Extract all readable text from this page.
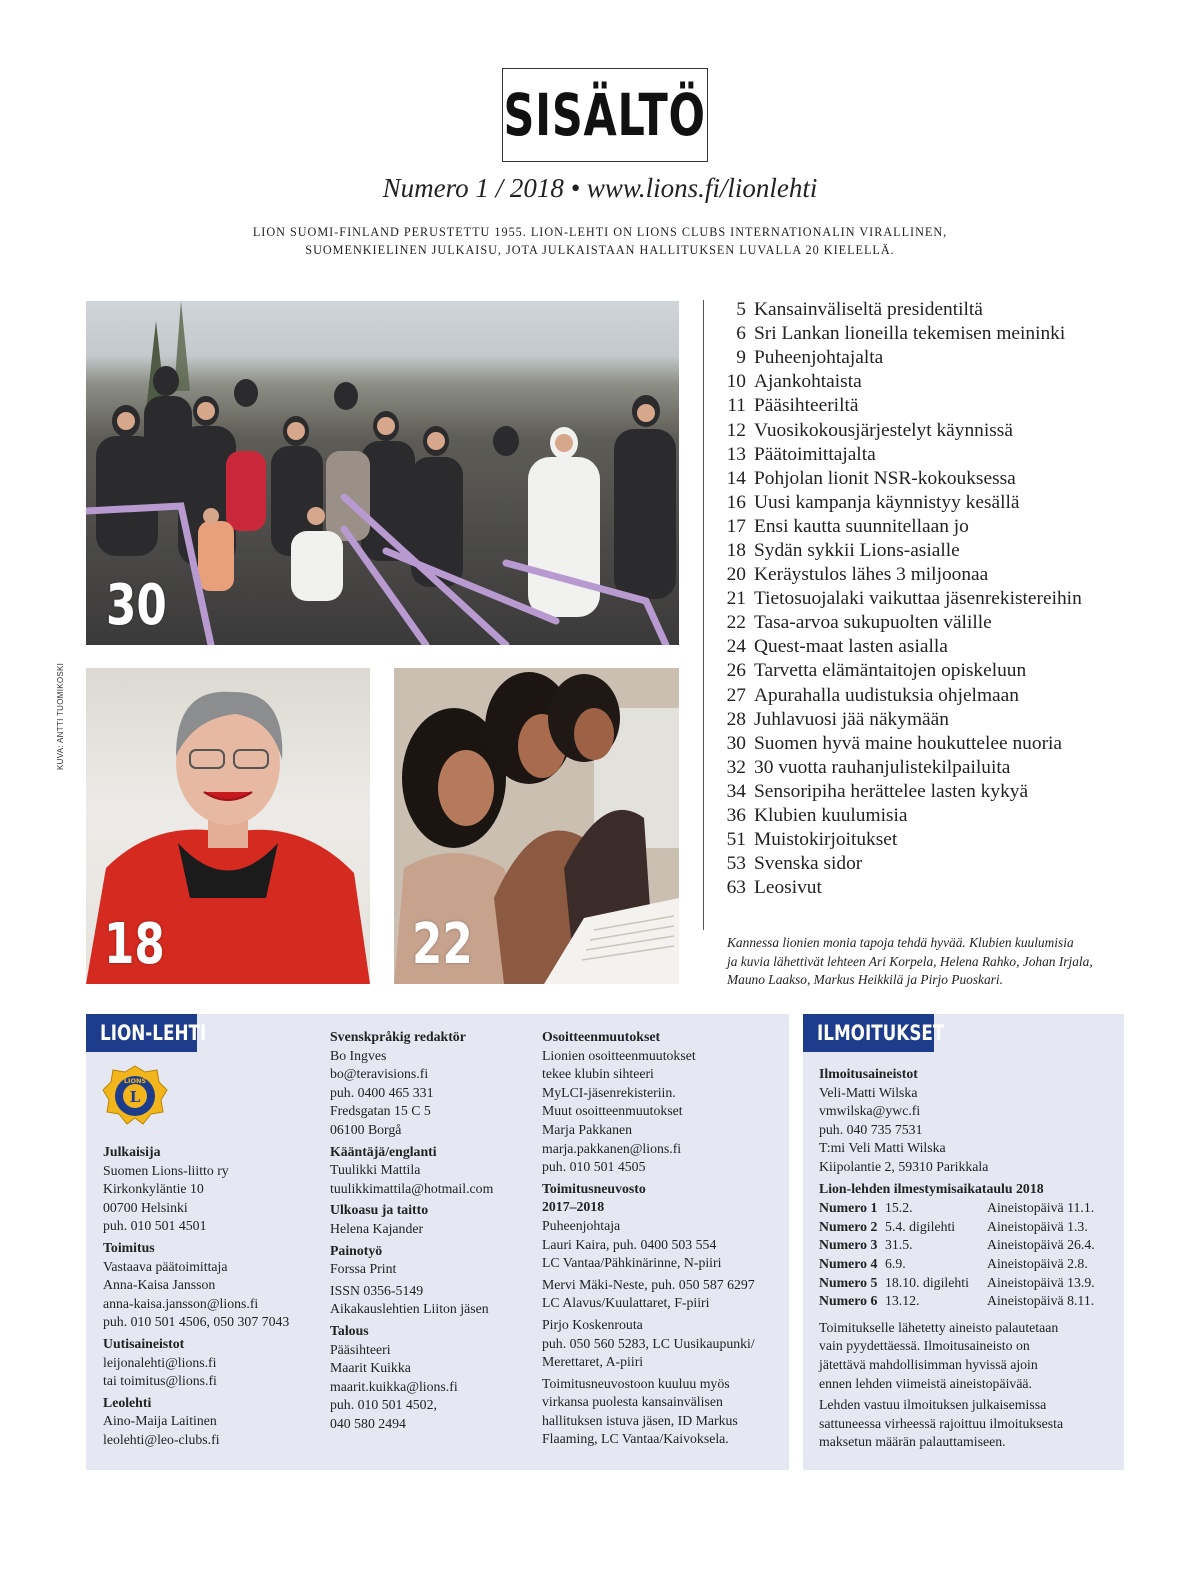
SISÄLTÖ
Numero 1 / 2018 • www.lions.fi/lionlehti
LION SUOMI-FINLAND PERUSTETTU 1955. LION-LEHTI ON LIONS CLUBS INTERNATIONALIN VIRALLINEN,
SUOMENKIELINEN JULKAISU, JOTA JULKAISTAAN HALLITUKSEN LUVALLA 20 KIELELLÄ.
30
18	22
KUVA: ANTTI TUOMIKOSKI
5 Kansainväliseltä presidentiltä
6 Sri Lankan lioneilla tekemisen meininki
9 Puheenjohtajalta
10 Ajankohtaista
11 Pääsihteeriltä
12 Vuosikokousjärjestelyt käynnissä
13 Päätoimittajalta
14 Pohjolan lionit NSR-kokouksessa
16 Uusi kampanja käynnistyy kesällä
17 Ensi kautta suunnitellaan jo
18 Sydän sykkii Lions-asialle
20 Keräystulos lähes 3 miljoonaa
21 Tietosuojalaki vaikuttaa jäsenrekistereihin
22 Tasa-arvoa sukupuolten välille
24 Quest-maat lasten asialla
26 Tarvetta elämäntaitojen opiskeluun
27 Apurahalla uudistuksia ohjelmaan
28 Juhlavuosi jää näkymään
30 Suomen hyvä maine houkuttelee nuoria
32 30 vuotta rauhanjulistekilpailuita
34 Sensoripiha herättelee lasten kykyä
36 Klubien kuulumisia
51 Muistokirjoitukset
53 Svenska sidor
63 Leosivut
Kannessa lionien monia tapoja tehdä hyvää. Klubien kuulumisia
ja kuvia lähettivät lehteen Ari Korpela, Helena Rahko, Johan Irjala,
Mauno Laakso, Markus Heikkilä ja Pirjo Puoskari.
LION-LEHTI
L
LIONS

Julkaisija

Suomen Lions-liitto ry

Kirkonkyläntie 10

00700 Helsinki

puh. 010 501 4501

Toimitus

Vastaava päätoimittaja

Anna-Kaisa Jansson

anna-kaisa.jansson@lions.fi

puh. 010 501 4506, 050 307 7043

Uutisaineistot

leijonalehti@lions.fi

tai toimitus@lions.fi

Leolehti

Aino-Maija Laitinen

leolehti@leo-clubs.fi

Svenskpråkig redaktör

Bo Ingves

bo@teravisions.fi

puh. 0400 465 331

Fredsgatan 15 C 5

06100 Borgå

Kääntäjä/englanti

Tuulikki Mattila

tuulikkimattila@hotmail.com

Ulkoasu ja taitto

Helena Kajander

Painotyö

Forssa Print

ISSN 0356-5149

Aikakauslehtien Liiton jäsen

Talous

Pääsihteeri

Maarit Kuikka

maarit.kuikka@lions.fi

puh. 010 501 4502,

040 580 2494

Osoitteenmuutokset

Lionien osoitteenmuutokset

tekee klubin sihteeri

MyLCI-jäsenrekisteriin.

Muut osoitteenmuutokset

Marja Pakkanen

marja.pakkanen@lions.fi

puh. 010 501 4505

Toimitusneuvosto

2017–2018

Puheenjohtaja

Lauri Kaira, puh. 0400 503 554

LC Vantaa/Pähkinärinne, N-piiri

Mervi Mäki-Neste, puh. 050 587 6297

LC Alavus/Kuulattaret, F-piiri

Pirjo Koskenrouta

puh. 050 560 5283, LC Uusikaupunki/

Merettaret, A-piiri

Toimitusneuvostoon kuuluu myös

virkansa puolesta kansainvälisen

hallituksen istuva jäsen, ID Markus

Flaaming, LC Vantaa/Kaivoksela.

ILMOITUKSET

Ilmoitusaineistot

Veli-Matti Wilska

vmwilska@ywc.fi

puh. 040 735 7531

T:mi Veli Matti Wilska

Kiipolantie 2, 59310 Parikkala

Lion-lehden ilmestymisaikataulu 2018

Numero 1 15.2.	Aineistopäivä 11.1.
Numero 2 5.4. digilehti	Aineistopäivä 1.3.
Numero 3 31.5.	Aineistopäivä 26.4.
Numero 4 6.9.	Aineistopäivä 2.8.
Numero 5 18.10. digilehti	Aineistopäivä 13.9.
Numero 6 13.12.	Aineistopäivä 8.11.

Toimitukselle lähetetty aineisto palautetaan

vain pyydettäessä. Ilmoitusaineisto on

jätettävä mahdollisimman hyvissä ajoin

ennen lehden viimeistä aineistopäivää.

Lehden vastuu ilmoituksen julkaisemissa

sattuneessa virheessä rajoittuu ilmoituksesta

maksetun määrän palauttamiseen.
